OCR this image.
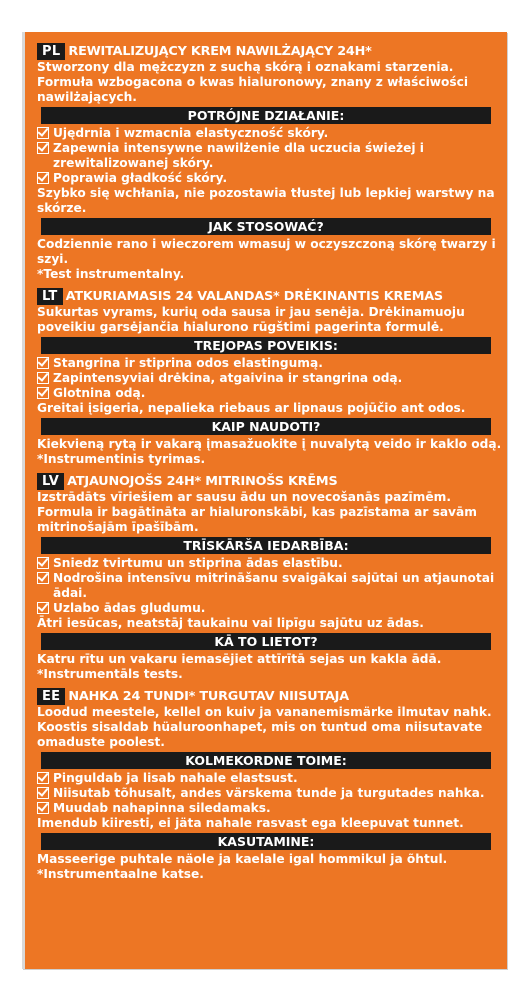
PL REWITALIZUJĄCY KREM NAWILŻAJĄCY 24H*
Stworzony dla mężczyzn z suchą skórą i oznakami starzenia. Formuła wzbogacona o kwas hialuronowy, znany z właściwości nawilżających.
POTRÓJNE DZIAŁANIE:
Ujędrnia i wzmacnia elastyczność skóry.
Zapewnia intensywne nawilżenie dla uczucia świeżej i zrewitalizowanej skóry.
Poprawia gładkość skóry.
Szybko się wchłania, nie pozostawia tłustej lub lepkiej warstwy na skórze.
JAK STOSOWAĆ?
Codziennie rano i wieczorem wmasuj w oczyszczoną skórę twarzy i szyi.
*Test instrumentalny.
LT ATKURIAMASIS 24 VALANDAS* DRĖKINANTIS KREMAS
Sukurtas vyrams, kurių oda sausa ir jau senėja. Drėkinamuoju poveikiu garsėjančia hialurono rūgštimi pagerinta formulė.
TREJOPAS POVEIKIS:
Stangrina ir stiprina odos elastingumą.
Zapintensyviai drėkina, atgaivina ir stangrina odą.
Glotnina odą.
Greitai įsigeria, nepalieka riebaus ar lipnaus pojūčio ant odos.
KAIP NAUDOTI?
Kiekvieną rytą ir vakarą įmasažuokite į nuvalytą veido ir kaklo odą.
*Instrumentinis tyrimas.
LV ATJAUNOJOŠS 24H* MITRINOŠS KRĒMS
Izstrādāts vīriešiem ar sausu ādu un novecošanās pazīmēm. Formula ir bagātināta ar hialuronskābi, kas pazīstama ar savām mitrinošajām īpašībām.
TRĪSKĀRŠA IEDARBĪBA:
Sniedz tvirtumu un stiprina ādas elastību.
Nodrošina intensīvu mitrināšanu svaigākai sajūtai un atjaunotai ādai.
Uzlabo ādas gludumu.
Ātri iesūcas, neatstāj taukainu vai lipīgu sajūtu uz ādas.
KĀ TO LIETOT?
Katru rītu un vakaru iemasējiet attīrītā sejas un kakla ādā.
*Instrumentāls tests.
EE NAHKA 24 TUNDI* TURGUTAV NIISUTAJA
Loodud meestele, kellel on kuiv ja vananemismärke ilmutav nahk. Koostis sisaldab hüaluroonhapet, mis on tuntud oma niisutavate omaduste poolest.
KOLMEKORDNE TOIME:
Pinguldab ja lisab nahale elastsust.
Niisutab tõhusalt, andes värskema tunde ja turgutades nahka.
Muudab nahapinna siledamaks.
Imendub kiiresti, ei jäta nahale rasvast ega kleepuvat tunnet.
KASUTAMINE:
Masseerige puhtale näole ja kaelale igal hommikul ja õhtul.
*Instrumentaalne katse.
